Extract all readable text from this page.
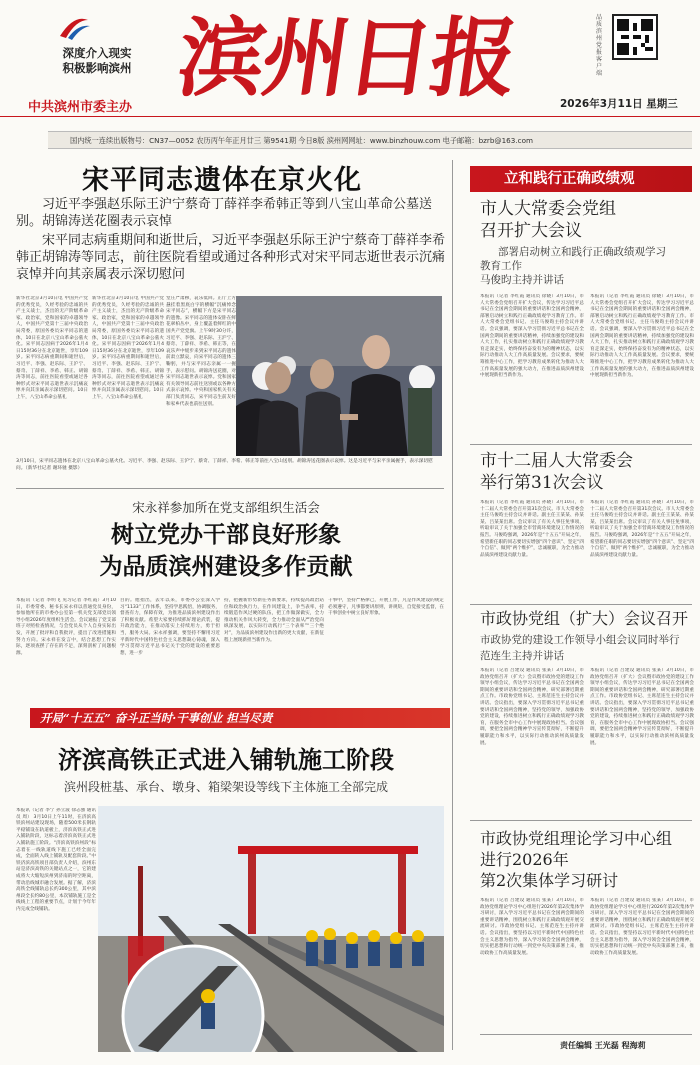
深度介入现实
积极影响滨州
中共滨州市委主办 滨州日报	品质滨州党报客户端
2026年3月11日 星期三
国内统一连续出版物号：CN37—0052 农历丙午年正月廿三 第9541期 今日8版 滨州网网址：www.binzhouw.com 电子邮箱：bzrb@163.com
宋平同志遗体在京火化
习近平李强赵乐际王沪宁蔡奇丁薛祥李希韩正等到八宝山革命公墓送别。胡锦涛送花圈表示哀悼
宋平同志病重期间和逝世后，习近平李强赵乐际王沪宁蔡奇丁薛祥李希韩正胡锦涛等同志，前往医院看望或通过各种形式对宋平同志逝世表示沉痛哀悼并向其亲属表示深切慰问
新华社北京3月10日电 中国共产党的优秀党员，久经考验的忠诚的共产主义战士，杰出的无产阶级革命家、政治家，党和国家的卓越领导人，中国共产党第十三届中央政治局常委，原国务委员宋平同志的遗体，10日在北京八宝山革命公墓火化。宋平同志因病于2026年1月4日15时36分在北京逝世，享年109岁。宋平同志病重期间和逝世后，习近平、李强、赵乐际、王沪宁、蔡奇、丁薛祥、李希、韩正、胡锦涛等同志，前往医院看望或通过各种形式对宋平同志逝世表示沉痛哀悼并向其亲属表示深切慰问。10日上午，八宝山革命公墓礼
新华社北京3月10日电 中国共产党的优秀党员，久经考验的忠诚的共产主义战士，杰出的无产阶级革命家、政治家，党和国家的卓越领导人，中国共产党第十三届中央政治局常委，原国务委员宋平同志的遗体，10日在北京八宝山革命公墓火化。宋平同志因病于2026年1月4日15时36分在北京逝世，享年109岁。宋平同志病重期间和逝世后，习近平、李强、赵乐际、王沪宁、蔡奇、丁薛祥、李希、韩正、胡锦涛等同志，前往医院看望或通过各种形式对宋平同志逝世表示沉痛哀悼并向其亲属表示深切慰问。10日上午，八宝山革命公墓礼
堂庄严肃穆，哀乐低回。正厅上方悬挂着黑底白字的横幅“沉痛悼念宋平同志”，横幅下方是宋平同志的遗像。宋平同志的遗体安卧在鲜花翠柏丛中，身上覆盖着鲜红的中国共产党党旗。上午9时30分许，习近平、李强、赵乐际、王沪宁、蔡奇、丁薛祥、李希、韩正等，在哀乐声中缓步来到宋平同志的遗体前肃立默哀，向宋平同志的遗体三鞠躬，并与宋平同志亲属一一握手，表示慰问。胡锦涛送花圈，对宋平同志逝世表示哀悼。党和国家有关领导同志前往送别或以各种方式表示哀悼。中央和国家机关有关部门负责同志，宋平同志生前友好和家乡代表也前往送别。
3月10日，宋平同志遗体在北京八宝山革命公墓火化。习近平、李强、赵乐际、王沪宁、蔡奇、丁薛祥、李希、韩正等前往八宝山送别。胡锦涛送花圈表示哀悼。这是习近平与宋平亲属握手，表示深切慰问。（新华社记者 谢环驰 摄影）
宋永祥参加所在党支部组织生活会
树立党办干部良好形象
为品质滨州建设多作贡献
本报讯（记者 李明飞 见习记者 李红霞）3月10日，市委常委、秘书长宋永祥以普通党员身份，参加他所在的市委办公室第一机关党支部党员领导小组2026年度组织生活会。会议通报了党支部班子对照检查情况，与会党员从个人自身实际出发，开展了批评和自我批评，提出了改进措施和努力方向。宋永祥在发言中，结合思想工作实际，逐项查摆了存在的不足，深刻剖析了问题根源。
目的。他指出，去年以来，市委办公室深入学习“1133”工作体系，坚持学思践悟，协调服务，督查有力，保障有效，为推进品质滨州建设作出了积极贡献。希望大家要持续抓好理论武装，提升政治能力，在推动落实上持续用力，勇于担当，服务大局。宋永祥强调，要坚持不懈用习近平新时代中国特色社会主义思想凝心铸魂，深入学习贯彻习近平总书记关于党的建设的重要思想，进一步
持，把握新形势新任务新要求，持续提高政治站位和政治执行力，在作风建设上，争当表率，持续锻造作风过硬的队伍，把工作做深做实，全力推动机关作风大转变，全力推动全面从严治党向纵深发展，以实际行动践行“三个表率”“三个绝对”，为品质滨州建设作出新的更大贡献，在新征程上展现新担当新作为。
干事中，坚持严格律己，开展工作，凡是作风建设的规定必须遵守，凡事都要讲原则，讲规矩，自觉接受监督，在干事创业中树立良好形象。
开局“十五五” 奋斗正当时·干事创业 担当尽责
济滨高铁正式进入铺轨施工阶段
滨州段桩基、承台、墩身、箱梁架设等线下主体施工全部完成
本报讯（记者 李宁 孙立波 徐志强 通讯员 周） 3月10日上午11时，在济滨高铁滨州站建设现场，随着500米长钢轨平稳铺设在轨道板上，济滨高铁正式进入铺轨阶段，这标志着济滨高铁正式进入铺轨施工阶段。“济滨高铁滨州段”标志着在一线轨道线下施工已经全面完成，全面转入线上铺轨及配套阶段。”中铁济滨高铁项目部负责人介绍，滨州东站是济滨高铁的关键站点之一，它的建成将大大缩短滨州到济南的时空距离，带动沿线城市融合发展。据了解，济滨高铁全线铺轨总长约300公里，其中滨州段全长约80公里，本次铺轨施工是全线线上工程的重要节点，计划于今年年内完成全线铺轨。
立和践行正确政绩观
市人大常委会党组
召开扩大会议
部署启动树立和践行正确政绩观学习
教育工作
马俊昀主持并讲话
本报讯（记者 李红霞 通讯员 徐晓）3月10日，市人大常委会党组召开扩大会议，传达学习习近平总书记在全国两会期间的重要讲话和全国两会精神，部署启动树立和践行正确政绩观学习教育工作。市人大常委会党组书记、主任马俊昀主持会议并讲话。会议强调，要深入学习贯彻习近平总书记在全国两会期间的重要讲话精神，持续加强党的建设和人大工作，扎实推动树立和践行正确政绩观学习教育走深走实，始终保持奋发有为的精神状态，以实际行动推动人大工作高质量发展。会议要求，要统筹推进中心工作，把学习教育成果转化为推动人大工作高质量发展的强大动力，在推进品质滨州建设中展现新担当新作为。
本报讯（记者 李红霞 通讯员 徐晓）3月10日，市人大常委会党组召开扩大会议，传达学习习近平总书记在全国两会期间的重要讲话和全国两会精神，部署启动树立和践行正确政绩观学习教育工作。市人大常委会党组书记、主任马俊昀主持会议并讲话。会议强调，要深入学习贯彻习近平总书记在全国两会期间的重要讲话精神，持续加强党的建设和人大工作，扎实推动树立和践行正确政绩观学习教育走深走实，始终保持奋发有为的精神状态，以实际行动推动人大工作高质量发展。会议要求，要统筹推进中心工作，把学习教育成果转化为推动人大工作高质量发展的强大动力，在推进品质滨州建设中展现新担当新作为。
市十二届人大常委会
举行第31次会议
本报讯（记者 李红霞 通讯员 孙晓）3月10日，市十二届人大常委会召开第31次会议。市人大常委会主任马俊昀主持会议并讲话。副主任王某某、孙某某、吕某某出席。会议审议了有关人事任免事项，听取审议了关于加强全市营商环境建设工作情况的报告。马俊昀强调，2026年是“十五五”开局之年，希望新任职的同志要切实增强“四个意识”、坚定“四个自信”、做到“两个维护”，忠诚履职，为全力推动品质滨州建设贡献力量。
本报讯（记者 李红霞 通讯员 孙晓）3月10日，市十二届人大常委会召开第31次会议。市人大常委会主任马俊昀主持会议并讲话。副主任王某某、孙某某、吕某某出席。会议审议了有关人事任免事项，听取审议了关于加强全市营商环境建设工作情况的报告。马俊昀强调，2026年是“十五五”开局之年，希望新任职的同志要切实增强“四个意识”、坚定“四个自信”、做到“两个维护”，忠诚履职，为全力推动品质滨州建设贡献力量。
市政协党组（扩大）会议召开
市政协党的建设工作领导小组会议同时举行
范连生主持并讲话
本报讯（记者 吕建设 通讯员 张某）3月10日，市政协党组召开（扩大）会议暨市政协党的建设工作领导小组会议，传达学习习近平总书记在全国两会期间的重要讲话和全国两会精神，研究部署近期重点工作。市政协党组书记、主席范连生主持会议并讲话。会议指出，要深入学习贯彻习近平总书记重要讲话和全国两会精神，坚持党的领导，加强政协党的建设，持续推进树立和践行正确政绩观学习教育，在服务全市中心工作中展现政协担当。会议强调，要把全国两会精神学习宣传贯彻好，不断提升履职能力和水平，以实际行动推动滨州高质量发展。
本报讯（记者 吕建设 通讯员 张某）3月10日，市政协党组召开（扩大）会议暨市政协党的建设工作领导小组会议，传达学习习近平总书记在全国两会期间的重要讲话和全国两会精神，研究部署近期重点工作。市政协党组书记、主席范连生主持会议并讲话。会议指出，要深入学习贯彻习近平总书记重要讲话和全国两会精神，坚持党的领导，加强政协党的建设，持续推进树立和践行正确政绩观学习教育，在服务全市中心工作中展现政协担当。会议强调，要把全国两会精神学习宣传贯彻好，不断提升履职能力和水平，以实际行动推动滨州高质量发展。
市政协党组理论学习中心组
进行2026年
第2次集体学习研讨
本报讯（记者 吕建设 通讯员 张某）3月10日，市政协党组理论学习中心组进行2026年第2次集体学习研讨，深入学习习近平总书记在全国两会期间的重要讲话精神，围绕树立和践行正确政绩观开展交流研讨。市政协党组书记、主席范连生主持并讲话。会议指出，要坚持以习近平新时代中国特色社会主义思想为指导，深入学习领会全国两会精神，切实把思想和行动统一到党中央决策部署上来，推动政协工作高质量发展。
本报讯（记者 吕建设 通讯员 张某）3月10日，市政协党组理论学习中心组进行2026年第2次集体学习研讨，深入学习习近平总书记在全国两会期间的重要讲话精神，围绕树立和践行正确政绩观开展交流研讨。市政协党组书记、主席范连生主持并讲话。会议指出，要坚持以习近平新时代中国特色社会主义思想为指导，深入学习领会全国两会精神，切实把思想和行动统一到党中央决策部署上来，推动政协工作高质量发展。
责任编辑 王光磊 程海莉
